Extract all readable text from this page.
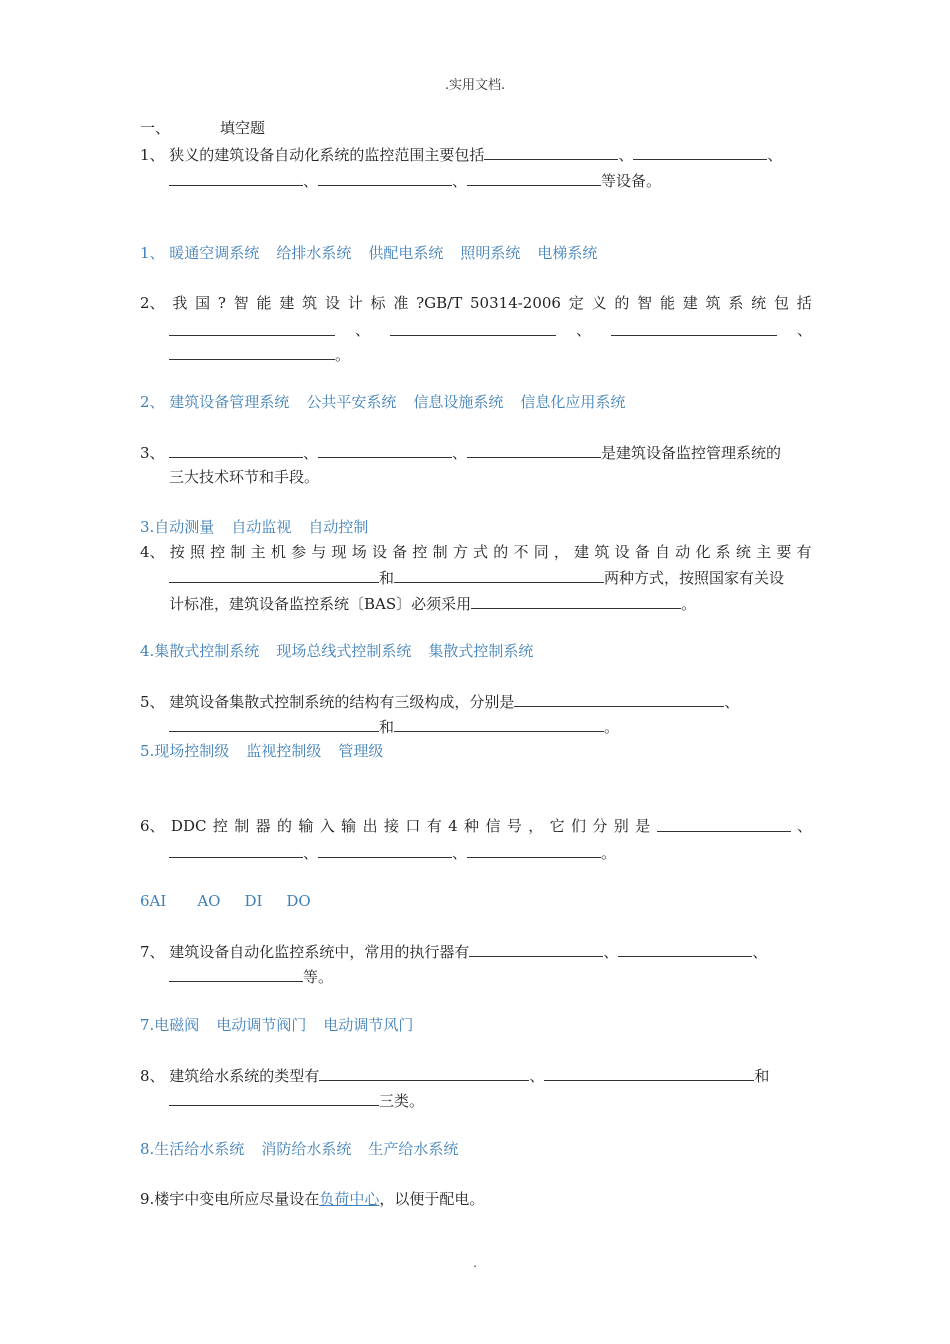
.实用文档.
一、	填空题
1、 狭义的建筑设备自动化系统的监控范围主要包括	、	、
、	、	等设备。
1、 暖通空调系统 给排水系统 供配电系统 照明系统 电梯系统
2、 我 国 ? 智 能 建 筑 设 计 标 准 ?GB/T 50314-2006 定 义 的 智 能 建 筑 系 统 包 括
、	、	、
。
2、 建筑设备管理系统 公共平安系统 信息设施系统 信息化应用系统
3、	、	、	是建筑设备监控管理系统的
三大技术环节和手段。
3.自动测量 自动监视 自动控制
4、 按 照 控 制 主 机 参 与 现 场 设 备 控 制 方 式 的 不 同 ， 建 筑 设 备 自 动 化 系 统 主 要 有
和	两种方式，按照国家有关设
计标准，建筑设备监控系统〔BAS〕必须采用	。
4.集散式控制系统 现场总线式控制系统 集散式控制系统
5、 建筑设备集散式控制系统的结构有三级构成，分别是	、
和	。
5.现场控制级 监视控制级 管理级
6、 DDC 控 制 器 的 输 入 输 出 接 口 有 4 种 信 号 ， 它 们 分 别 是	、
、	、	。
6AI AO DI DO
7、 建筑设备自动化监控系统中，常用的执行器有	、	、
等。
7.电磁阀 电动调节阀门 电动调节风门
8、 建筑给水系统的类型有	、	和
三类。
8.生活给水系统 消防给水系统 生产给水系统
9.楼宇中变电所应尽量设在负荷中心，以便于配电。
.
